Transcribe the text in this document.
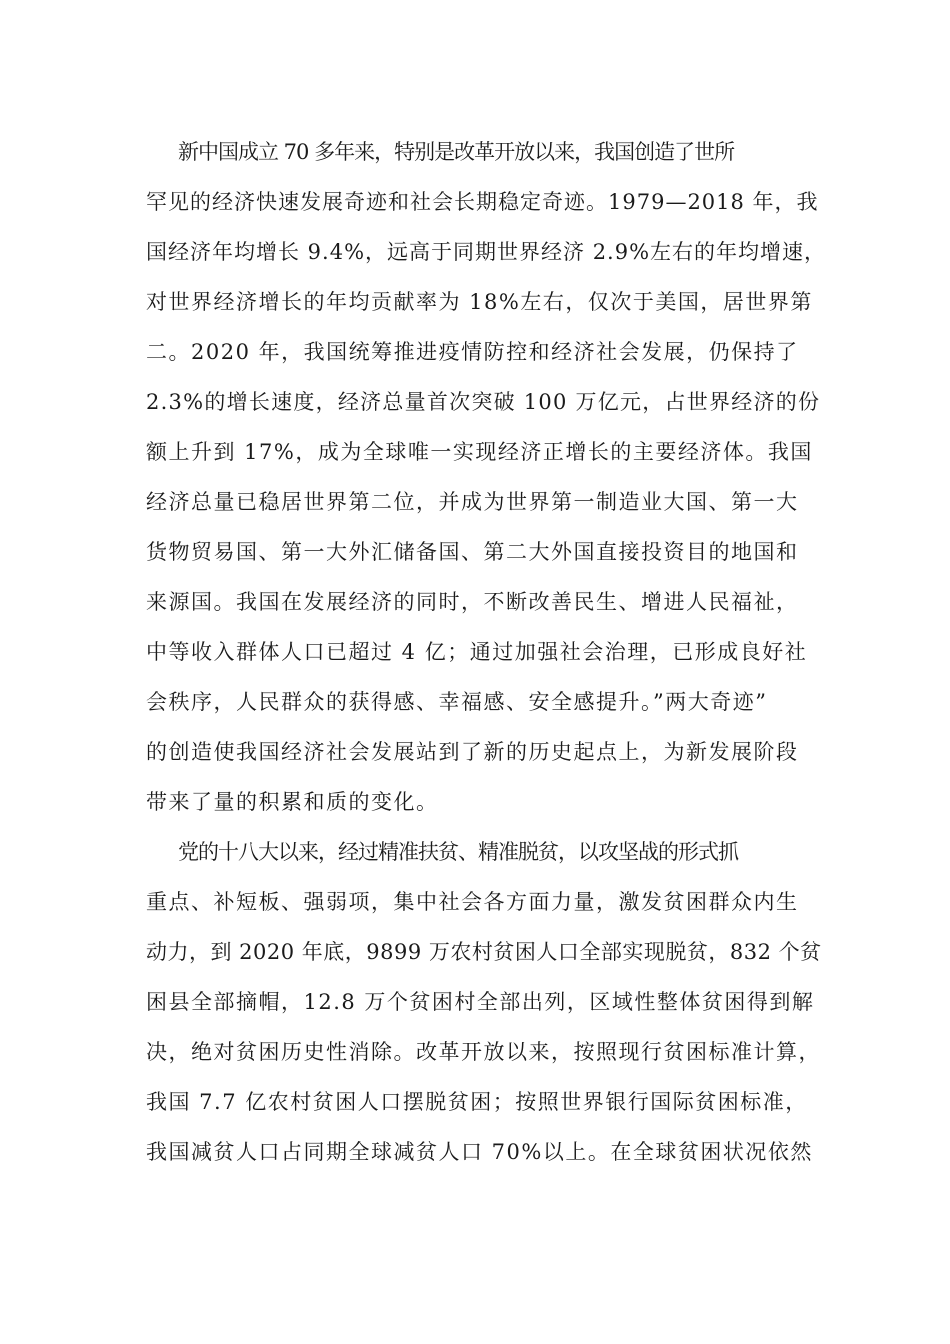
新中国成立 70 多年来，特别是改革开放以来，我国创造了世所
罕见的经济快速发展奇迹和社会长期稳定奇迹。1979—2018 年，我
国经济年均增长 9.4%，远高于同期世界经济 2.9%左右的年均增速，
对世界经济增长的年均贡献率为 18%左右，仅次于美国，居世界第
二。2020 年，我国统筹推进疫情防控和经济社会发展，仍保持了
2.3%的增长速度，经济总量首次突破 100 万亿元，占世界经济的份
额上升到 17%，成为全球唯一实现经济正增长的主要经济体。我国
经济总量已稳居世界第二位，并成为世界第一制造业大国、第一大
货物贸易国、第一大外汇储备国、第二大外国直接投资目的地国和
来源国。我国在发展经济的同时，不断改善民生、增进人民福祉，
中等收入群体人口已超过 4 亿；通过加强社会治理，已形成良好社
会秩序，人民群众的获得感、幸福感、安全感提升。”两大奇迹”
的创造使我国经济社会发展站到了新的历史起点上，为新发展阶段
带来了量的积累和质的变化。
党的十八大以来，经过精准扶贫、精准脱贫，以攻坚战的形式抓
重点、补短板、强弱项，集中社会各方面力量，激发贫困群众内生
动力，到 2020 年底，9899 万农村贫困人口全部实现脱贫，832 个贫
困县全部摘帽，12.8 万个贫困村全部出列，区域性整体贫困得到解
决，绝对贫困历史性消除。改革开放以来，按照现行贫困标准计算，
我国 7.7 亿农村贫困人口摆脱贫困；按照世界银行国际贫困标准，
我国减贫人口占同期全球减贫人口 70%以上。在全球贫困状况依然
